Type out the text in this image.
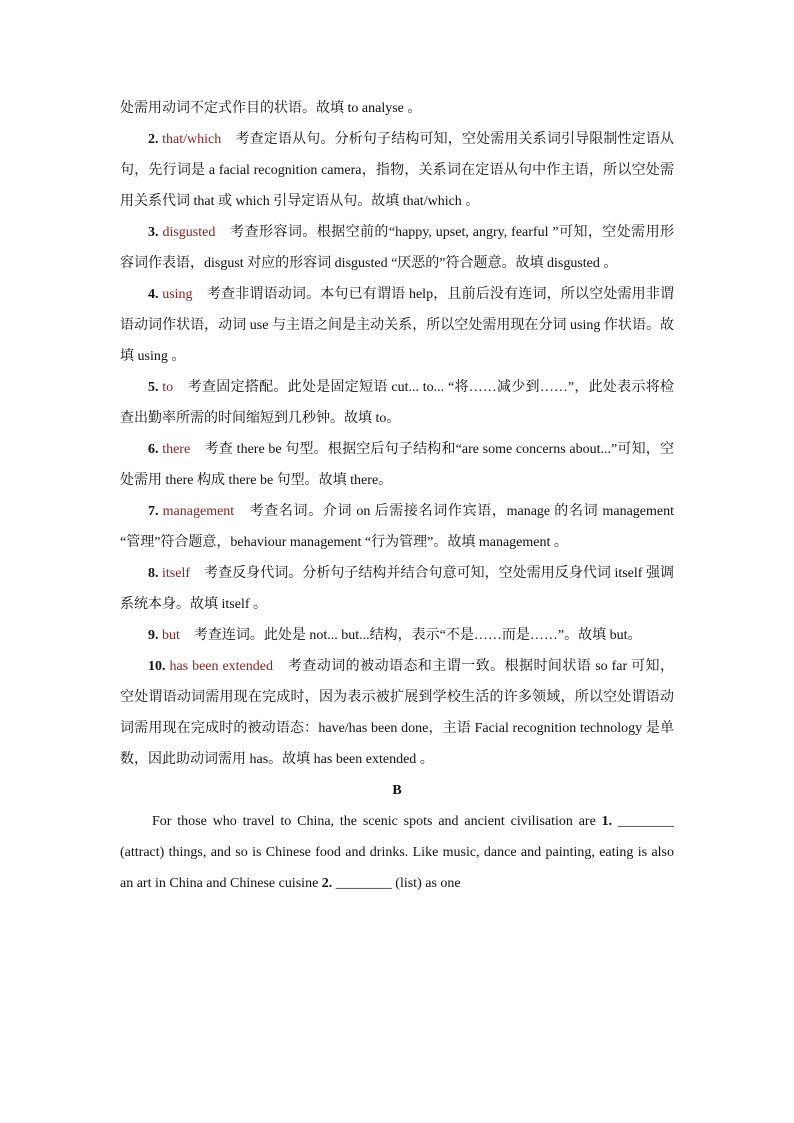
处需用动词不定式作目的状语。故填 to analyse 。

2. that/which　考查定语从句。分析句子结构可知，空处需用关系词引导限制性定语从句，先行词是 a facial recognition camera，指物，关系词在定语从句中作主语，所以空处需用关系代词 that 或 which 引导定语从句。故填 that/which 。

3. disgusted　考查形容词。根据空前的“happy, upset, angry, fearful ”可知，空处需用形容词作表语，disgust 对应的形容词 disgusted “厌恶的”符合题意。故填 disgusted 。

4. using　考查非谓语动词。本句已有谓语 help，且前后没有连词，所以空处需用非谓语动词作状语，动词 use 与主语之间是主动关系，所以空处需用现在分词 using 作状语。故填 using 。

5. to　考查固定搭配。此处是固定短语 cut... to... “将……减少到……”，此处表示将检查出勤率所需的时间缩短到几秒钟。故填 to。

6. there　考查 there be 句型。根据空后句子结构和“are some concerns about...”可知，空处需用 there 构成 there be 句型。故填 there。

7. management　考查名词。介词 on 后需接名词作宾语，manage 的名词 management “管理”符合题意，behaviour management “行为管理”。故填 management 。

8. itself　考查反身代词。分析句子结构并结合句意可知，空处需用反身代词 itself 强调系统本身。故填 itself 。

9. but　考查连词。此处是 not... but...结构，表示“不是……而是……”。故填 but。

10. has been extended　考查动词的被动语态和主谓一致。根据时间状语 so far 可知，空处谓语动词需用现在完成时，因为表示被扩展到学校生活的许多领域，所以空处谓语动词需用现在完成时的被动语态：have/has been done，主语 Facial recognition technology 是单数，因此助动词需用 has。故填 has been extended 。

B

For those who travel to China, the scenic spots and ancient civilisation are 1. ________ (attract) things, and so is Chinese food and drinks. Like music, dance and painting, eating is also an art in China and Chinese cuisine 2. ________ (list) as one
